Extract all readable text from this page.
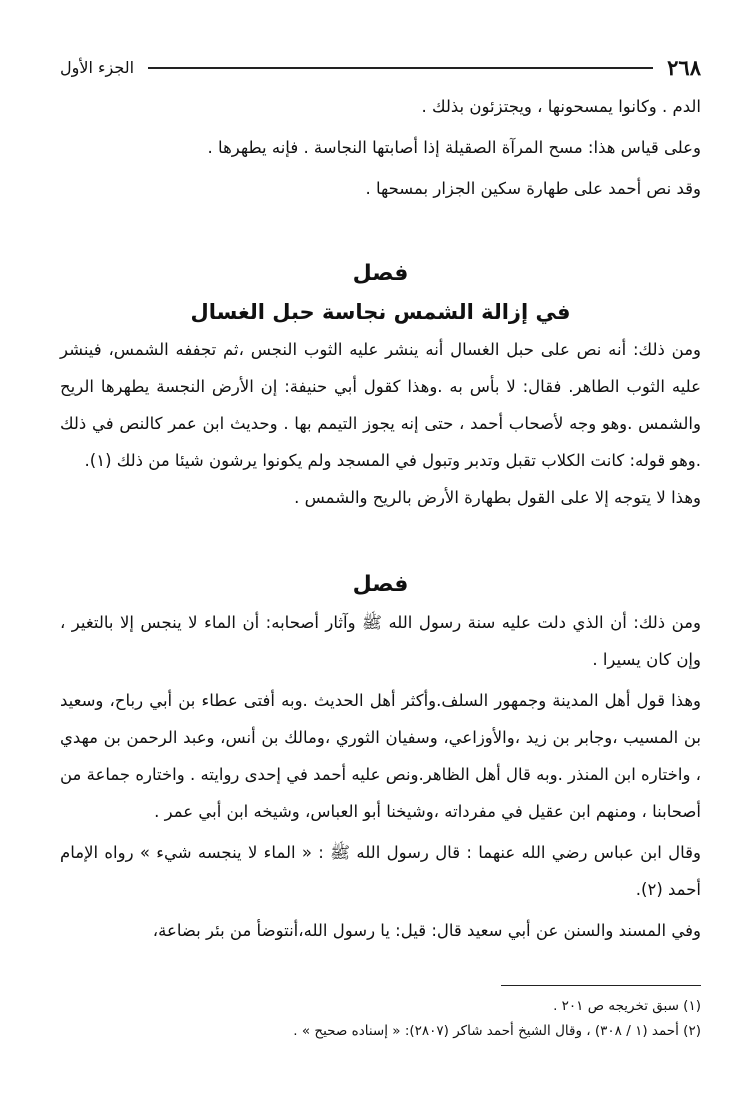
٢٦٨
الجزء الأول

الدم . وكانوا يمسحونها ، ويجتزئون بذلك .

وعلى قياس هذا: مسح المرآة الصقيلة إذا أصابتها النجاسة . فإنه يطهرها .

وقد نص أحمد على طهارة سكين الجزار بمسحها .

فصل

في إزالة الشمس نجاسة حبل الغسال

ومن ذلك: أنه نص على حبل الغسال أنه ينشر عليه الثوب النجس ،ثم تجففه الشمس، فينشر عليه الثوب الطاهر. فقال: لا بأس به .وهذا كقول أبي حنيفة: إن الأرض النجسة يطهرها الريح والشمس .وهو وجه لأصحاب أحمد ، حتى إنه يجوز التيمم بها . وحديث ابن عمر كالنص في ذلك .وهو قوله: كانت الكلاب تقبل وتدبر وتبول في المسجد ولم يكونوا يرشون شيئا من ذلك (١).

وهذا لا يتوجه إلا على القول بطهارة الأرض بالريح والشمس .

فصل

ومن ذلك: أن الذي دلت عليه سنة رسول الله ﷺ وآثار أصحابه: أن الماء لا ينجس إلا بالتغير ، وإن كان يسيرا .

وهذا قول أهل المدينة وجمهور السلف.وأكثر أهل الحديث .وبه أفتى عطاء بن أبي رباح، وسعيد بن المسيب ،وجابر بن زيد ،والأوزاعي، وسفيان الثوري ،ومالك بن أنس، وعبد الرحمن بن مهدي ، واختاره ابن المنذر .وبه قال أهل الظاهر.ونص عليه أحمد في إحدى روايته . واختاره جماعة من أصحابنا ، ومنهم ابن عقيل في مفرداته ،وشيخنا أبو العباس، وشيخه ابن أبي عمر .

وقال ابن عباس رضي الله عنهما : قال رسول الله ﷺ : « الماء لا ينجسه شيء » رواه الإمام أحمد (٢).

وفي المسند والسنن عن أبي سعيد قال: قيل: يا رسول الله،أنتوضأ من بئر بضاعة،

(١) سبق تخريجه ص ٢٠١ .

(٢) أحمد (١ / ٣٠٨) ، وقال الشيخ أحمد شاكر (٢٨٠٧): « إسناده صحيح » .
